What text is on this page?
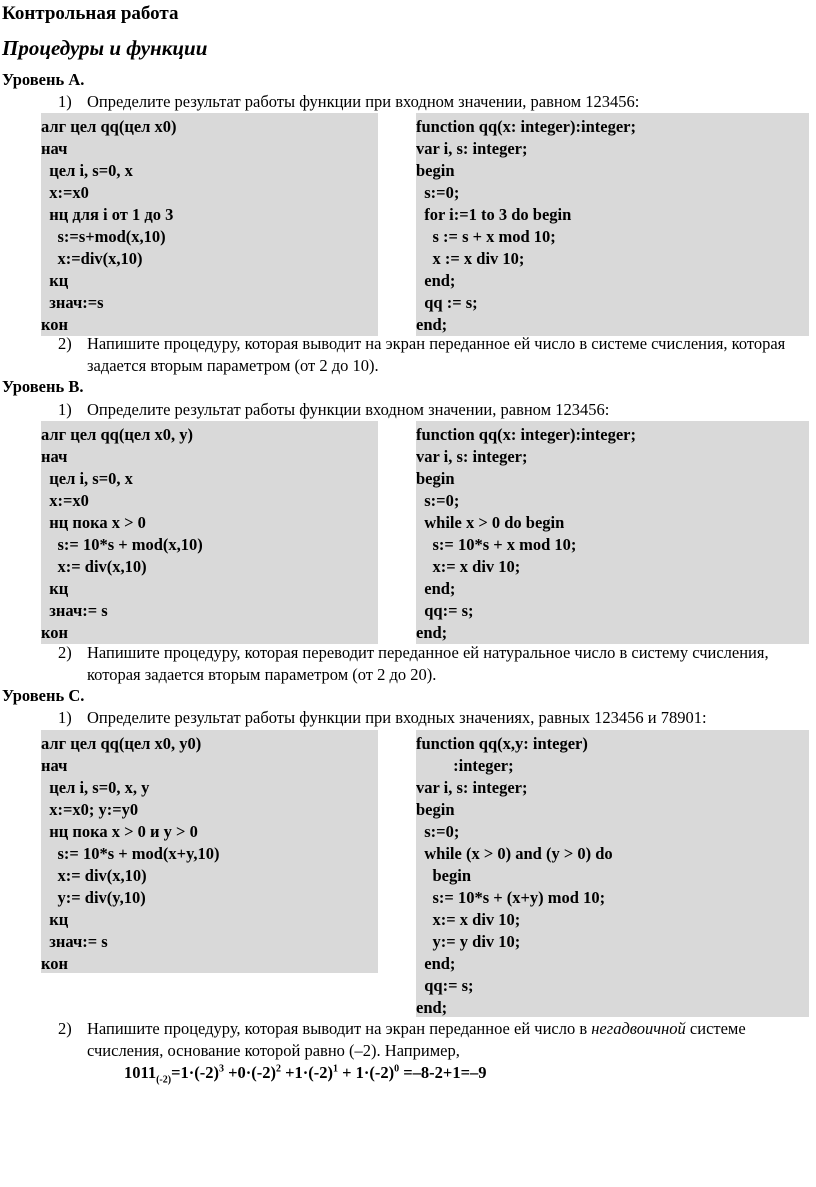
Контрольная работа
Процедуры и функции
Уровень А.
1) Определите результат работы функции при входном значении, равном 123456:
алг цел qq(цел x0)
нач
цел i, s=0, x
x:=x0
нц для i от 1 до 3
s:=s+mod(x,10)
x:=div(x,10)
кц
знач:=s
кон
function qq(x: integer):integer;
var i, s: integer;
begin
s:=0;
for i:=1 to 3 do begin
s := s + x mod 10;
x := x div 10;
end;
qq := s;
end;
2) Напишите процедуру, которая выводит на экран переданное ей число в системе счисления, которая задается вторым параметром (от 2 до 10).
Уровень В.
1) Определите результат работы функции входном значении, равном 123456:
алг цел qq(цел x0, y)
нач
цел i, s=0, x
x:=x0
нц пока x > 0
s:= 10*s + mod(x,10)
x:= div(x,10)
кц
знач:= s
кон
function qq(x: integer):integer;
var i, s: integer;
begin
s:=0;
while x > 0 do begin
s:= 10*s + x mod 10;
x:= x div 10;
end;
qq:= s;
end;
2) Напишите процедуру, которая переводит переданное ей натуральное число в систему счисления, которая задается вторым параметром (от 2 до 20).
Уровень С.
1) Определите результат работы функции при входных значениях, равных 123456 и 78901:
алг цел qq(цел x0, y0)
нач
цел i, s=0, x, y
x:=x0; y:=y0
нц пока x > 0 и y > 0
s:= 10*s + mod(x+y,10)
x:= div(x,10)
y:= div(y,10)
кц
знач:= s
кон
function qq(x,y: integer)
:integer;
var i, s: integer;
begin
s:=0;
while (x > 0) and (y > 0) do
begin
s:= 10*s + (x+y) mod 10;
x:= x div 10;
y:= y div 10;
end;
qq:= s;
end;
2) Напишите процедуру, которая выводит на экран переданное ей число в негадвоичной системе счисления, основание которой равно (–2). Например,
$1011_{(-2)}=1\cdot(-2)^3 +0\cdot(-2)^2 +1\cdot(-2)^1 + 1\cdot(-2)^0 =-8-2+1=-9$
